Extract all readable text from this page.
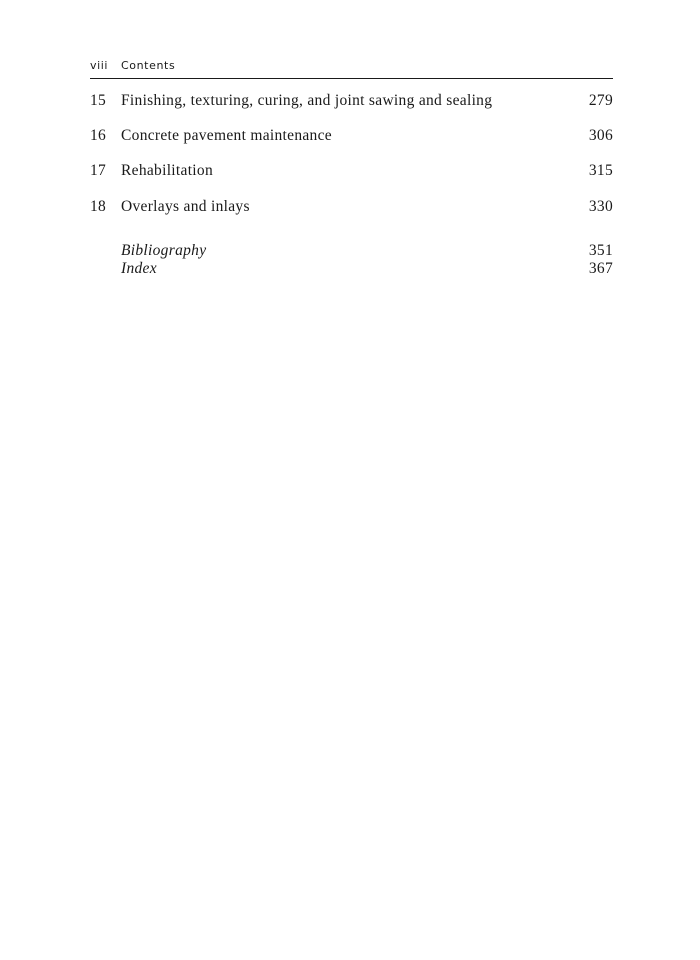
viii Contents
15 Finishing, texturing, curing, and joint sawing and sealing	279
16 Concrete pavement maintenance	306
17 Rehabilitation	315
18 Overlays and inlays	330
Bibliography	351
Index	367
